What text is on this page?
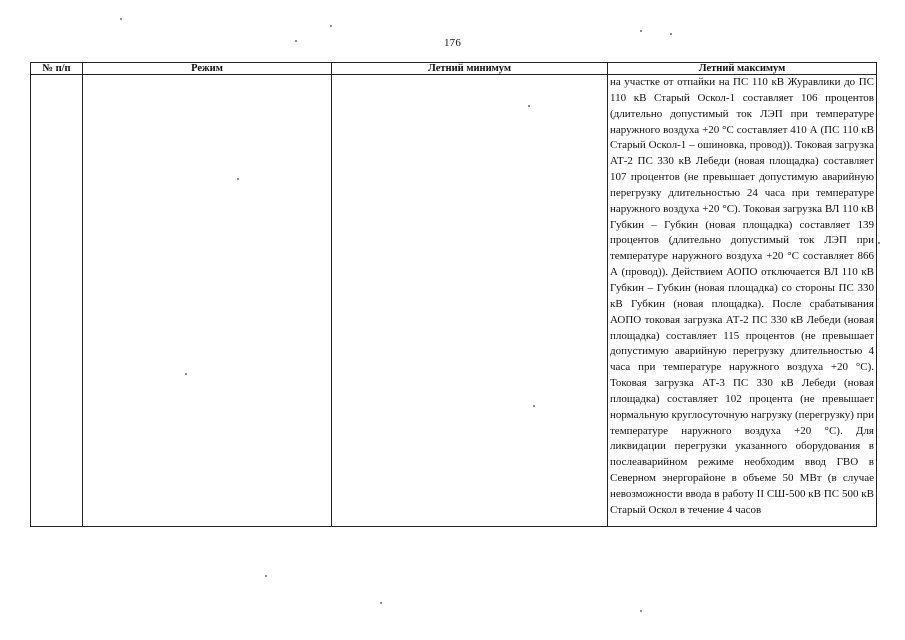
176
№ п/п	Режим	Летний минимум	Летний максимум

			на участке от отпайки на ПС 110 кВ Журавлики до ПС 110 кВ Старый Оскол-1 составляет 106 процентов (длительно допустимый ток ЛЭП при температуре наружного воздуха +20 °С составляет 410 А (ПС 110 кВ Старый Оскол-1 – ошиновка, провод)). Токовая загрузка АТ-2 ПС 330 кВ Лебеди (новая площадка) составляет 107 процентов (не превышает допустимую аварийную перегрузку длительностью 24 часа при температуре наружного воздуха +20 °С). Токовая загрузка ВЛ 110 кВ Губкин – Губкин (новая площадка) составляет 139 процентов (длительно допустимый ток ЛЭП при температуре наружного воздуха +20 °С составляет 866 А (провод)). Действием АОПО отключается ВЛ 110 кВ Губкин – Губкин (новая площадка) со стороны ПС 330 кВ Губкин (новая площадка). После срабатывания АОПО токовая загрузка АТ-2 ПС 330 кВ Лебеди (новая площадка) составляет 115 процентов (не превышает допустимую аварийную перегрузку длительностью 4 часа при температуре наружного воздуха +20 °С). Токовая загрузка АТ-3 ПС 330 кВ Лебеди (новая площадка) составляет 102 процента (не превышает нормальную круглосуточную нагрузку (перегрузку) при температуре наружного воздуха +20 °С). Для ликвидации перегрузки указанного оборудования в послеаварийном режиме необходим ввод ГВО в Северном энергорайоне в объеме 50 МВт (в случае невозможности ввода в работу II СШ-500 кВ ПС 500 кВ Старый Оскол в течение 4 часов
